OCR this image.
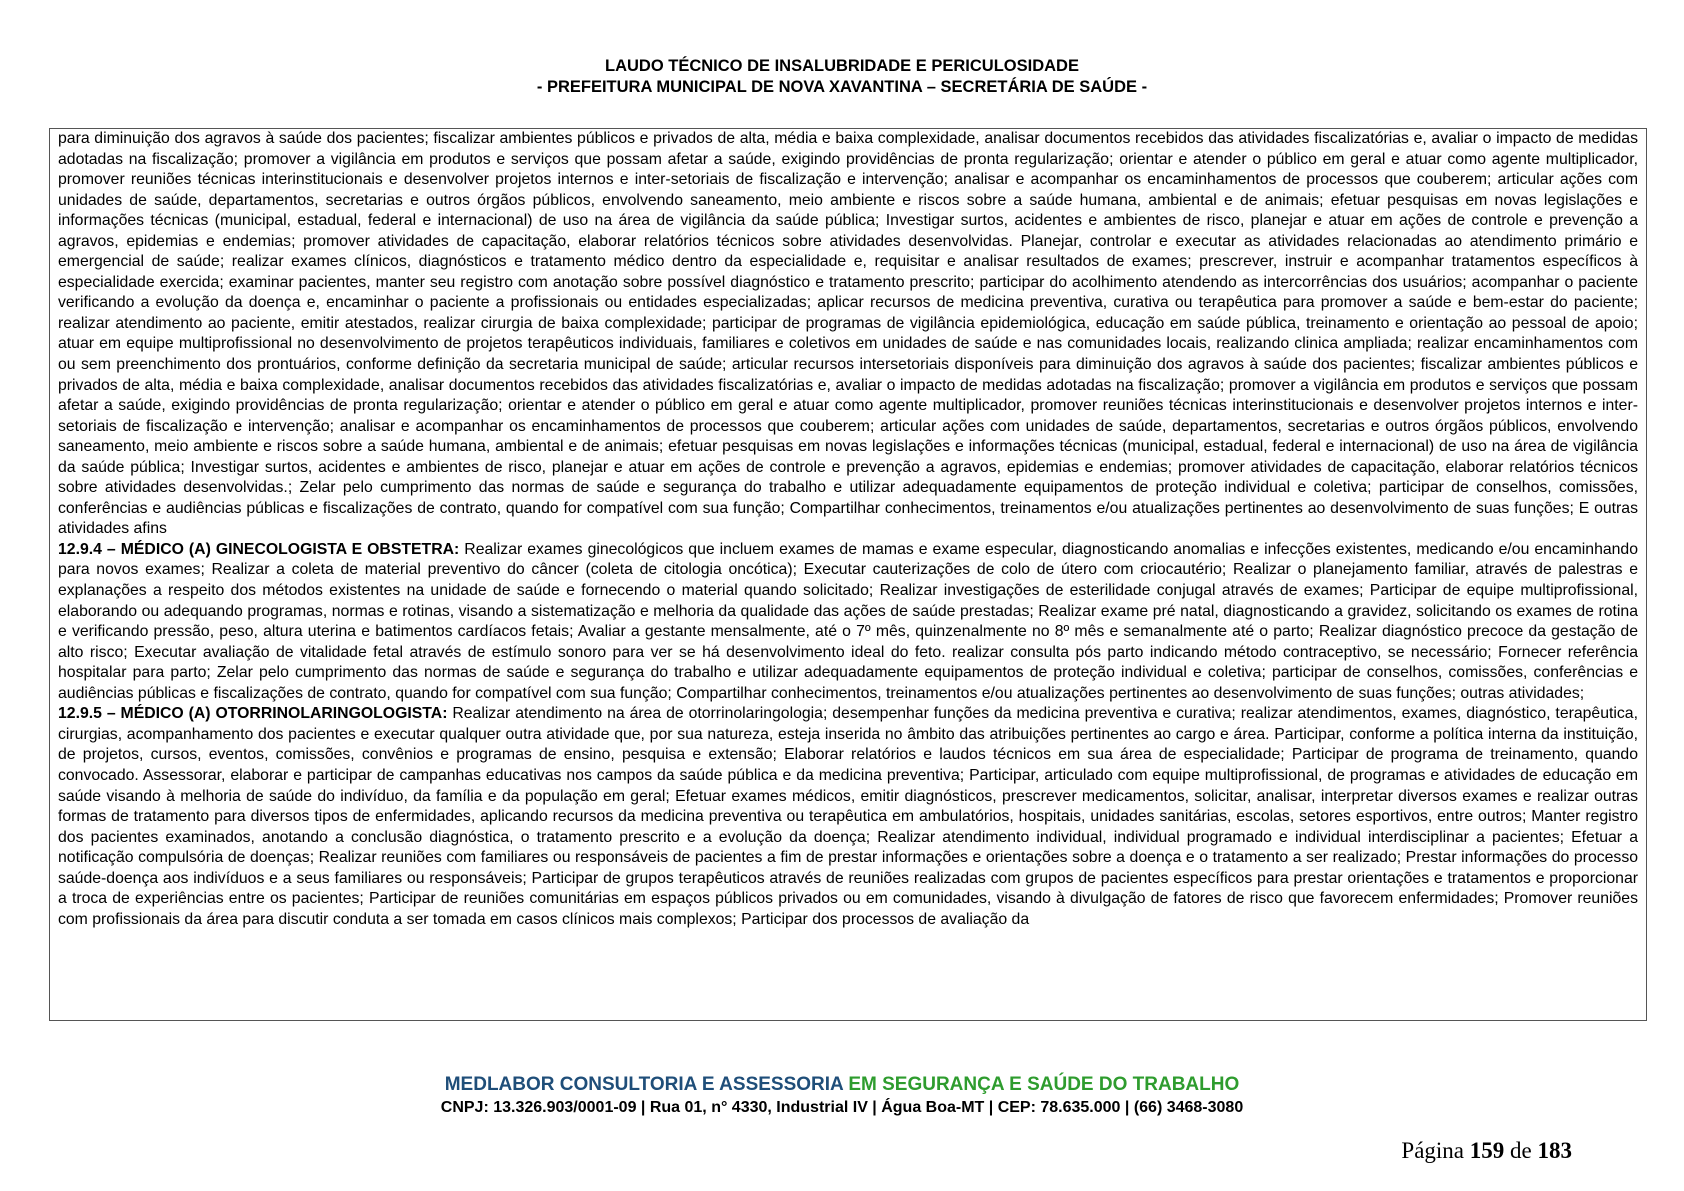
LAUDO TÉCNICO DE INSALUBRIDADE E PERICULOSIDADE
- PREFEITURA MUNICIPAL DE NOVA XAVANTINA – SECRETÁRIA DE SAÚDE -

para diminuição dos agravos à saúde dos pacientes; fiscalizar ambientes públicos e privados de alta, média e baixa complexidade, analisar documentos recebidos das atividades fiscalizatórias e, avaliar o impacto de medidas adotadas na fiscalização; promover a vigilância em produtos e serviços que possam afetar a saúde, exigindo providências de pronta regularização; orientar e atender o público em geral e atuar como agente multiplicador, promover reuniões técnicas interinstitucionais e desenvolver projetos internos e inter-setoriais de fiscalização e intervenção; analisar e acompanhar os encaminhamentos de processos que couberem; articular ações com unidades de saúde, departamentos, secretarias e outros órgãos públicos, envolvendo saneamento, meio ambiente e riscos sobre a saúde humana, ambiental e de animais; efetuar pesquisas em novas legislações e informações técnicas (municipal, estadual, federal e internacional) de uso na área de vigilância da saúde pública; Investigar surtos, acidentes e ambientes de risco, planejar e atuar em ações de controle e prevenção a agravos, epidemias e endemias; promover atividades de capacitação, elaborar relatórios técnicos sobre atividades desenvolvidas. Planejar, controlar e executar as atividades relacionadas ao atendimento primário e emergencial de saúde; realizar exames clínicos, diagnósticos e tratamento médico dentro da especialidade e, requisitar e analisar resultados de exames; prescrever, instruir e acompanhar tratamentos específicos à especialidade exercida; examinar pacientes, manter seu registro com anotação sobre possível diagnóstico e tratamento prescrito; participar do acolhimento atendendo as intercorrências dos usuários; acompanhar o paciente verificando a evolução da doença e, encaminhar o paciente a profissionais ou entidades especializadas; aplicar recursos de medicina preventiva, curativa ou terapêutica para promover a saúde e bem-estar do paciente; realizar atendimento ao paciente, emitir atestados, realizar cirurgia de baixa complexidade; participar de programas de vigilância epidemiológica, educação em saúde pública, treinamento e orientação ao pessoal de apoio; atuar em equipe multiprofissional no desenvolvimento de projetos terapêuticos individuais, familiares e coletivos em unidades de saúde e nas comunidades locais, realizando clinica ampliada; realizar encaminhamentos com ou sem preenchimento dos prontuários, conforme definição da secretaria municipal de saúde; articular recursos intersetoriais disponíveis para diminuição dos agravos à saúde dos pacientes; fiscalizar ambientes públicos e privados de alta, média e baixa complexidade, analisar documentos recebidos das atividades fiscalizatórias e, avaliar o impacto de medidas adotadas na fiscalização; promover a vigilância em produtos e serviços que possam afetar a saúde, exigindo providências de pronta regularização; orientar e atender o público em geral e atuar como agente multiplicador, promover reuniões técnicas interinstitucionais e desenvolver projetos internos e inter-setoriais de fiscalização e intervenção; analisar e acompanhar os encaminhamentos de processos que couberem; articular ações com unidades de saúde, departamentos, secretarias e outros órgãos públicos, envolvendo saneamento, meio ambiente e riscos sobre a saúde humana, ambiental e de animais; efetuar pesquisas em novas legislações e informações técnicas (municipal, estadual, federal e internacional) de uso na área de vigilância da saúde pública; Investigar surtos, acidentes e ambientes de risco, planejar e atuar em ações de controle e prevenção a agravos, epidemias e endemias; promover atividades de capacitação, elaborar relatórios técnicos sobre atividades desenvolvidas.; Zelar pelo cumprimento das normas de saúde e segurança do trabalho e utilizar adequadamente equipamentos de proteção individual e coletiva; participar de conselhos, comissões, conferências e audiências públicas e fiscalizações de contrato, quando for compatível com sua função; Compartilhar conhecimentos, treinamentos e/ou atualizações pertinentes ao desenvolvimento de suas funções; E outras atividades afins

12.9.4 – MÉDICO (A) GINECOLOGISTA E OBSTETRA: Realizar exames ginecológicos que incluem exames de mamas e exame especular, diagnosticando anomalias e infecções existentes, medicando e/ou encaminhando para novos exames; Realizar a coleta de material preventivo do câncer (coleta de citologia oncótica); Executar cauterizações de colo de útero com criocautério; Realizar o planejamento familiar, através de palestras e explanações a respeito dos métodos existentes na unidade de saúde e fornecendo o material quando solicitado; Realizar investigações de esterilidade conjugal através de exames; Participar de equipe multiprofissional, elaborando ou adequando programas, normas e rotinas, visando a sistematização e melhoria da qualidade das ações de saúde prestadas; Realizar exame pré natal, diagnosticando a gravidez, solicitando os exames de rotina e verificando pressão, peso, altura uterina e batimentos cardíacos fetais; Avaliar a gestante mensalmente, até o 7º mês, quinzenalmente no 8º mês e semanalmente até o parto; Realizar diagnóstico precoce da gestação de alto risco; Executar avaliação de vitalidade fetal através de estímulo sonoro para ver se há desenvolvimento ideal do feto. realizar consulta pós parto indicando método contraceptivo, se necessário; Fornecer referência hospitalar para parto; Zelar pelo cumprimento das normas de saúde e segurança do trabalho e utilizar adequadamente equipamentos de proteção individual e coletiva; participar de conselhos, comissões, conferências e audiências públicas e fiscalizações de contrato, quando for compatível com sua função; Compartilhar conhecimentos, treinamentos e/ou atualizações pertinentes ao desenvolvimento de suas funções; outras atividades;

12.9.5 – MÉDICO (A) OTORRINOLARINGOLOGISTA: Realizar atendimento na área de otorrinolaringologia; desempenhar funções da medicina preventiva e curativa; realizar atendimentos, exames, diagnóstico, terapêutica, cirurgias, acompanhamento dos pacientes e executar qualquer outra atividade que, por sua natureza, esteja inserida no âmbito das atribuições pertinentes ao cargo e área. Participar, conforme a política interna da instituição, de projetos, cursos, eventos, comissões, convênios e programas de ensino, pesquisa e extensão; Elaborar relatórios e laudos técnicos em sua área de especialidade; Participar de programa de treinamento, quando convocado. Assessorar, elaborar e participar de campanhas educativas nos campos da saúde pública e da medicina preventiva; Participar, articulado com equipe multiprofissional, de programas e atividades de educação em saúde visando à melhoria de saúde do indivíduo, da família e da população em geral; Efetuar exames médicos, emitir diagnósticos, prescrever medicamentos, solicitar, analisar, interpretar diversos exames e realizar outras formas de tratamento para diversos tipos de enfermidades, aplicando recursos da medicina preventiva ou terapêutica em ambulatórios, hospitais, unidades sanitárias, escolas, setores esportivos, entre outros; Manter registro dos pacientes examinados, anotando a conclusão diagnóstica, o tratamento prescrito e a evolução da doença; Realizar atendimento individual, individual programado e individual interdisciplinar a pacientes; Efetuar a notificação compulsória de doenças; Realizar reuniões com familiares ou responsáveis de pacientes a fim de prestar informações e orientações sobre a doença e o tratamento a ser realizado; Prestar informações do processo saúde-doença aos indivíduos e a seus familiares ou responsáveis; Participar de grupos terapêuticos através de reuniões realizadas com grupos de pacientes específicos para prestar orientações e tratamentos e proporcionar a troca de experiências entre os pacientes; Participar de reuniões comunitárias em espaços públicos privados ou em comunidades, visando à divulgação de fatores de risco que favorecem enfermidades; Promover reuniões com profissionais da área para discutir conduta a ser tomada em casos clínicos mais complexos; Participar dos processos de avaliação da

MEDLABOR CONSULTORIA E ASSESSORIA EM SEGURANÇA E SAÚDE DO TRABALHO
CNPJ: 13.326.903/0001-09 | Rua 01, n° 4330, Industrial IV | Água Boa-MT | CEP: 78.635.000 | (66) 3468-3080
Página 159 de 183
